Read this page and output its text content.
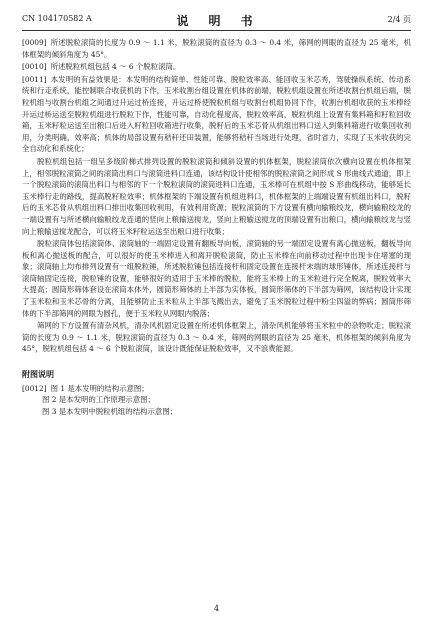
CN 104170582 A	说　明　书	2/4 页

[0009] 所述脱粒滚筒的长度为 0.9 ～ 1.1 米，脱粒滚筒的直径为 0.3 ～ 0.4 米，筛网的网眼的直径为 25 毫米，机体框架的倾斜角度为 45°。

[0010] 所述脱粒机组包括 4 ～ 6 个脱粒滚筒。

[0011] 本发明的有益效果是：本发明的结构简单、性能可靠、脱粒效率高、能回收玉米芯秀，驾驶操纵系统、传动系统和行走系统，能控制联合收获机的下作，玉米收割台组设置在机体的前端，脱粒机组设置在所述收割台机组后端，脱粒机组与收割台机组之间通过升运过桥连接，升运过桥使脱粒机组与收割台机组协同下作，收割台机组收获的玉米棒经升运过桥运送至脱粒机组进行脱粒下作，性能可靠，自动化程度高，脱粒效率高，脱粒机组上设置有集料箱和籽粒回收箱，玉米籽粒运送至出粮口后进入籽粒回收箱进行收集，脱籽后的玉米芯骨从机组出料口送入到集料箱进行收集回收利用，分类明确，效率高；机体的局部设置有秸秆还田装置，能够将秸秆当场进行处理，省时省力，实现了玉米收获的完全自动化和系统化；

脱粒机组包括一组呈多级阶梯式排列设置的脱粒滚筒和倾斜设置的机体框架，脱粒滚筒依次横向设置在机体框架上，相邻脱粒滚筒之间的滚筒出料口与滚筒进料口连通，该结构设计使相邻的脱粒滚筒之间形成 S 形曲线式通道，即上一个脱粒滚筒的滚筒出料口与相邻的下一个脱粒滚筒的滚筒进料口连通，玉米棒可在机组中按 S 形曲线移动，能够延长玉米棒行走的路线，提高脱籽粒效率；机体框架的下端设置有机组进料口，机体框架的上端端设置有机组出料口，脱籽后的玉米芯骨从机组出料口排出收集回收利用，有效利用资源；脱粒滚筒的下方设置有横向输粮绞龙，横向输粮绞龙的一端设置有与所述横向输粮绞龙连通的竖向上粮输送搅龙，竖向上粮输送搅龙的顶端设置有出粮口，横向输粮绞龙与竖向上粮输送搅龙配合，可以将玉米籽粒运送至出粮口进行收集；

脱粒滚筒体包括滚筒体、滚筒轴的一端固定设置有翻板导向板，滚筒轴的另一端固定设置有离心抛送板，翻板导向板和离心抛送板的配合，可以很好的使玉米棒进入和离开脱粒滚筒，防止玉米棒在向前移动过程中出现卡住堵塞的现象；滚筒轴上均布排列设置有一组脱粒锤，所述脱粒锤包括连接杆和固定设置在连接杆末端的球形锤体，所述连接杆与滚筒轴固定连接，脱粒锤的设置，能够很好的适用于玉米棒的脱粒，能将玉米棒上的玉米粒进行完全脱离，脱粒效率大大提高；圆筒形筛体套设在滚筒本体外，圆筒形筛体的上半部为实体板，圆筒形筛体的下半部为筛网，该结构设计实现了玉米粒和玉米芯骨的分离，且能够防止玉米粒从上半部飞溅出去，避免了玉米脱粒过程中粉尘四溢的弊病；圆筒形筛体的下半部筛网的网眼为圆孔，便于玉米粒从网眼内脱落；

筛网的下方设置有清杂风机，清杂风机固定设置在所述机体框架上，清杂风机能够将玉米粒中的杂物吹走；脱粒滚筒的长度为 0.9 ～ 1.1 米，脱粒滚筒的直径为 0.3 ～ 0.4 米，筛网的网眼的直径为 25 毫米，机体框架的倾斜角度为 45°，脱粒机组包括 4 ～ 6 个脱粒滚筒，该设计既能保证脱粒效率，又不浪费能源。

附图说明
[0012] 图 1 是本发明的结构示意图；
图 2 是本发明的工作原理示意图；
图 3 是本发明中脱粒机组的结构示意图；
4
